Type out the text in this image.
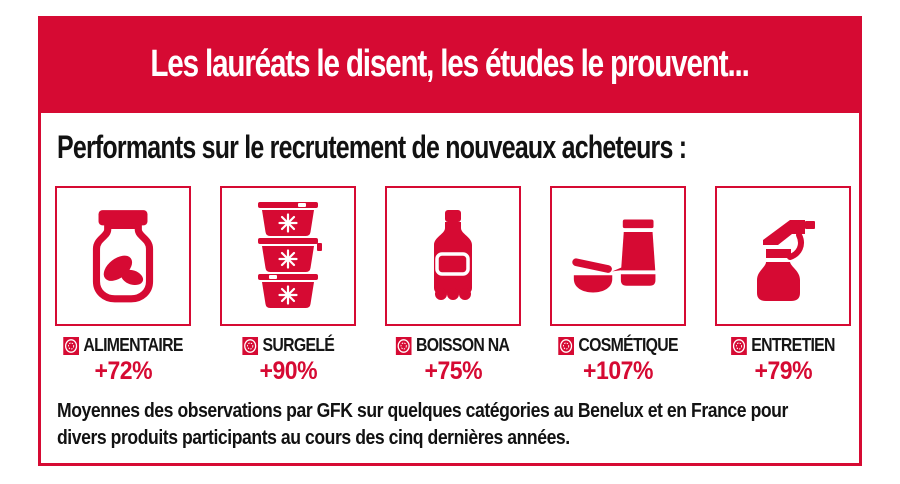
Les lauréats le disent, les études le prouvent...
Performants sur le recrutement de nouveaux acheteurs :
ALIMENTAIRE
+72%
SURGELÉ
+90%
BOISSON NA
+75%
COSMÉTIQUE
+107%
ENTRETIEN
+79%
Moyennes des observations par GFK sur quelques catégories au Benelux et en France pour divers produits participants au cours des cinq dernières années.
